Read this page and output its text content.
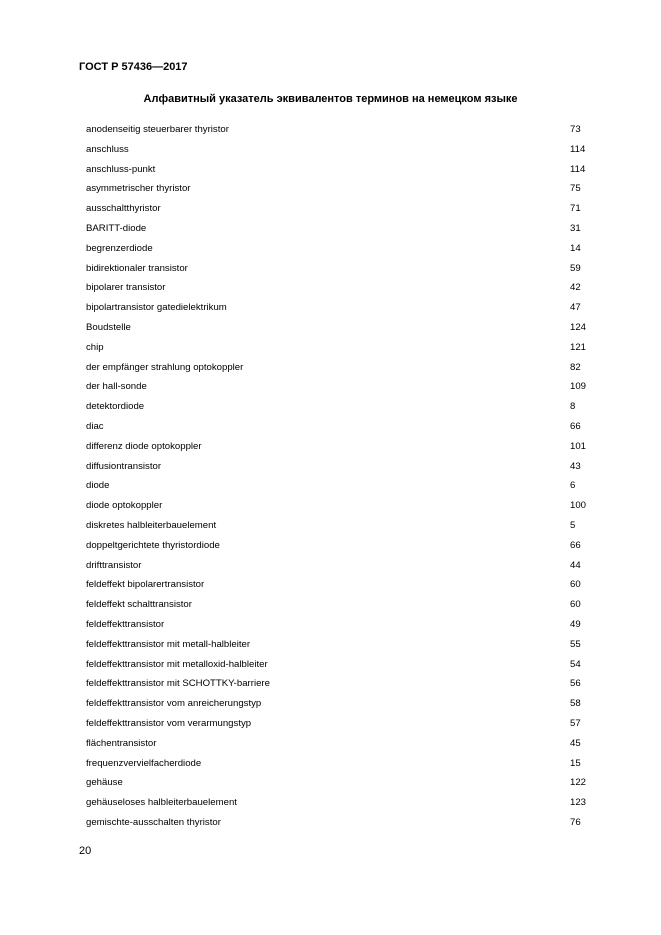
ГОСТ Р 57436—2017
Алфавитный указатель эквивалентов терминов на немецком языке
anodenseitig steuerbarer thyristor	73
anschluss	114
anschluss-punkt	114
asymmetrischer thyristor	75
ausschaltthyristor	71
BARITT-diode	31
begrenzerdiode	14
bidirektionaler transistor	59
bipolarer transistor	42
bipolartransistor gatedielektrikum	47
Boudstelle	124
chip	121
der empfänger strahlung optokoppler	82
der hall-sonde	109
detektordiode	8
diac	66
differenz diode optokoppler	101
diffusiontransistor	43
diode	6
diode optokoppler	100
diskretes halbleiterbauelement	5
doppeltgerichtete thyristordiode	66
drifttransistor	44
feldeffekt bipolarertransistor	60
feldeffekt schalttransistor	60
feldeffekttransistor	49
feldeffekttransistor mit metall-halbleiter	55
feldeffekttransistor mit metalloxid-halbleiter	54
feldeffekttransistor mit SCHOTTKY-barriere	56
feldeffekttransistor vom anreicherungstyp	58
feldeffekttransistor vom verarmungstyp	57
flächentransistor	45
frequenzvervielfacherdiode	15
gehäuse	122
gehäuseloses halbleiterbauelement	123
gemischte-ausschalten thyristor	76
20
